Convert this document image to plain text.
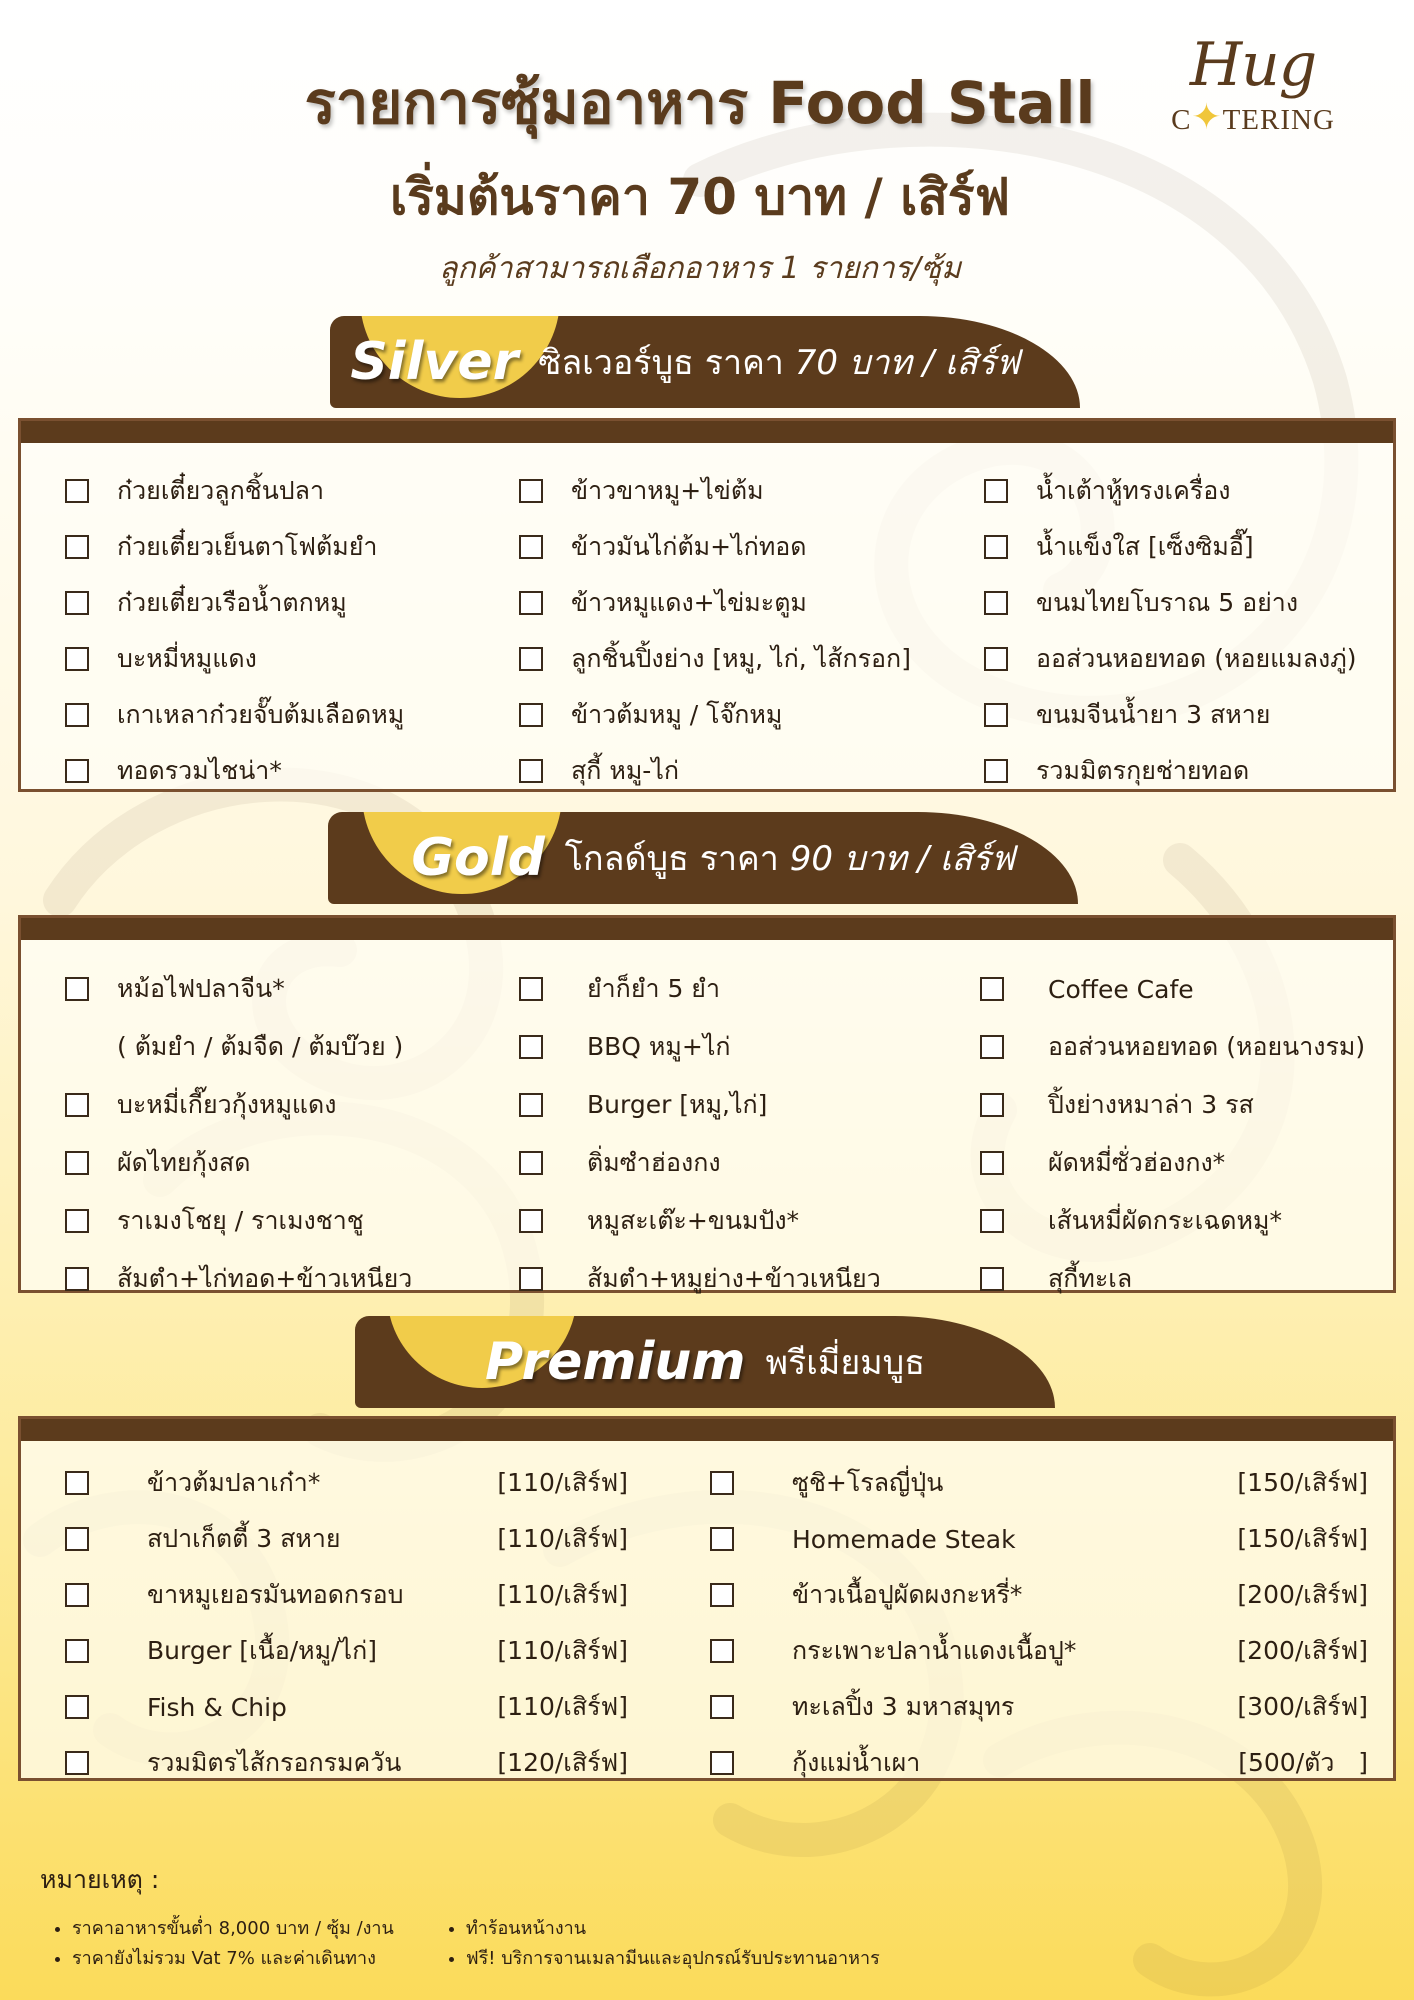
Hug
C✦TERING
รายการซุ้มอาหาร Food Stall
เริ่มต้นราคา 70 บาท / เสิร์ฟ
ลูกค้าสามารถเลือกอาหาร 1 รายการ/ซุ้ม
Silver ซิลเวอร์บูธ ราคา 70 บาท / เสิร์ฟ
ก๋วยเตี๋ยวลูกชิ้นปลา
ก๋วยเตี๋ยวเย็นตาโฟต้มยำ
ก๋วยเตี๋ยวเรือน้ำตกหมู
บะหมี่หมูแดง
เกาเหลาก๋วยจั๊บต้มเลือดหมู
ทอดรวมไชน่า*
ข้าวขาหมู+ไข่ต้ม
ข้าวมันไก่ต้ม+ไก่ทอด
ข้าวหมูแดง+ไข่มะตูม
ลูกชิ้นปิ้งย่าง [หมู, ไก่, ไส้กรอก]
ข้าวต้มหมู / โจ๊กหมู
สุกี้ หมู-ไก่
น้ำเต้าหู้ทรงเครื่อง
น้ำแข็งใส [เซ็งซิมอี๊]
ขนมไทยโบราณ 5 อย่าง
ออส่วนหอยทอด (หอยแมลงภู่)
ขนมจีนน้ำยา 3 สหาย
รวมมิตรกุยช่ายทอด
Gold โกลด์บูธ ราคา 90 บาท / เสิร์ฟ
หม้อไฟปลาจีน*
( ต้มยำ / ต้มจืด / ต้มบ๊วย )
บะหมี่เกี๊ยวกุ้งหมูแดง
ผัดไทยกุ้งสด
ราเมงโชยุ / ราเมงชาชู
ส้มตำ+ไก่ทอด+ข้าวเหนียว
ยำก็ยำ 5 ยำ
BBQ หมู+ไก่
Burger [หมู,ไก่]
ติ่มซำฮ่องกง
หมูสะเต๊ะ+ขนมปัง*
ส้มตำ+หมูย่าง+ข้าวเหนียว
Coffee Cafe
ออส่วนหอยทอด (หอยนางรม)
ปิ้งย่างหมาล่า 3 รส
ผัดหมี่ซั่วฮ่องกง*
เส้นหมี่ผัดกระเฉดหมู*
สุกี้ทะเล
Premium พรีเมี่ยมบูธ
ข้าวต้มปลาเก๋า*	[110/เสิร์ฟ]
สปาเก็ตตี้ 3 สหาย	[110/เสิร์ฟ]
ขาหมูเยอรมันทอดกรอบ	[110/เสิร์ฟ]
Burger [เนื้อ/หมู/ไก่]	[110/เสิร์ฟ]
Fish & Chip	[110/เสิร์ฟ]
รวมมิตรไส้กรอกรมควัน	[120/เสิร์ฟ]
ซูชิ+โรลญี่ปุ่น	[150/เสิร์ฟ]
Homemade Steak	[150/เสิร์ฟ]
ข้าวเนื้อปูผัดผงกะหรี่*	[200/เสิร์ฟ]
กระเพาะปลาน้ำแดงเนื้อปู*	[200/เสิร์ฟ]
ทะเลปิ้ง 3 มหาสมุทร	[300/เสิร์ฟ]
กุ้งแม่น้ำเผา	[500/ตัว   ]
หมายเหตุ :
• ราคาอาหารขั้นต่ำ 8,000 บาท / ซุ้ม /งาน
• ราคายังไม่รวม Vat 7% และค่าเดินทาง
• ทำร้อนหน้างาน
• ฟรี! บริการจานเมลามีนและอุปกรณ์รับประทานอาหาร
